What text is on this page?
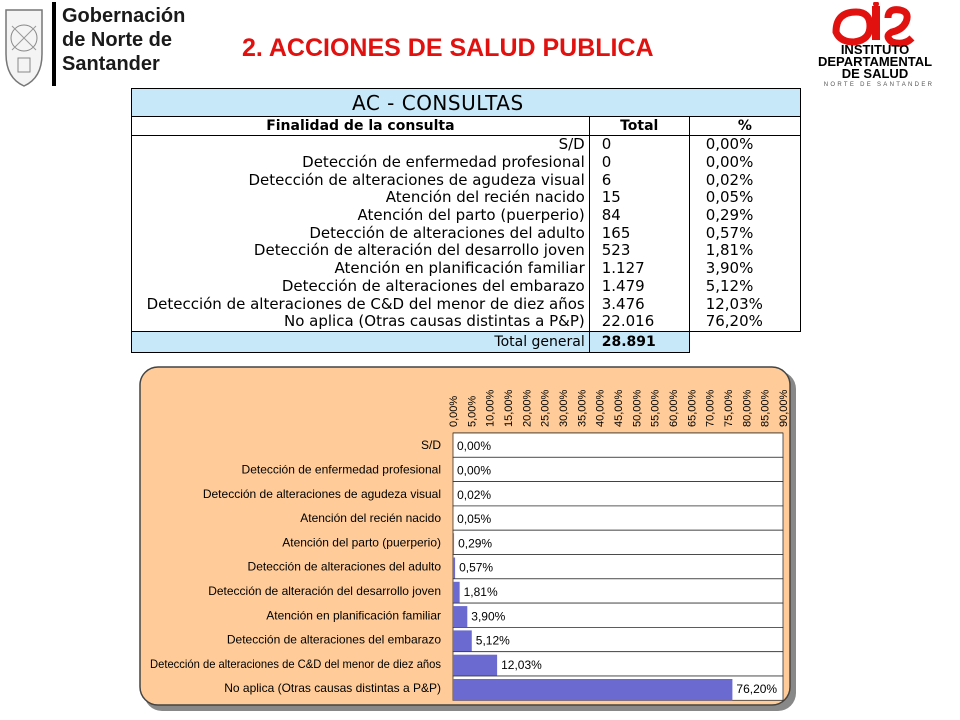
Gobernación
de Norte de
Santander
2. ACCIONES DE SALUD PUBLICA	INSTITUTO
DEPARTAMENTAL
DE SALUD
NORTE DE SANTANDER
AC - CONSULTAS		
Finalidad de la consulta	Total	%
S/D	0	0,00%
Detección de enfermedad profesional	0	0,00%
Detección de alteraciones de agudeza visual	6	0,02%
Atención del recién nacido	15	0,05%
Atención del parto (puerperio)	84	0,29%
Detección de alteraciones del adulto	165	0,57%
Detección de alteración del desarrollo joven	523	1,81%
Atención en planificación familiar	1.127	3,90%
Detección de alteraciones del embarazo	1.479	5,12%
Detección de alteraciones de C&D del menor de diez años	3.476	12,03%
No aplica (Otras causas distintas a P&P)	22.016	76,20%
Total general	28.891	
0,00% 5,00% 10,00% 15,00% 20,00% 25,00% 30,00% 35,00% 40,00% 45,00% 50,00% 55,00% 60,00% 65,00% 70,00% 75,00% 80,00% 85,00% 90,00%
S/D 0,00%
Detección de enfermedad profesional 0,00%
Detección de alteraciones de agudeza visual 0,02%
Atención del recién nacido 0,05%
Atención del parto (puerperio) 0,29%
Detección de alteraciones del adulto 0,57%
Detección de alteración del desarrollo joven 1,81%
Atención en planificación familiar	3,90%
Detección de alteraciones del embarazo	5,12%
Detección de alteraciones de C&D del menor de diez años	12,03%
No aplica (Otras causas distintas a P&P)	76,20%
